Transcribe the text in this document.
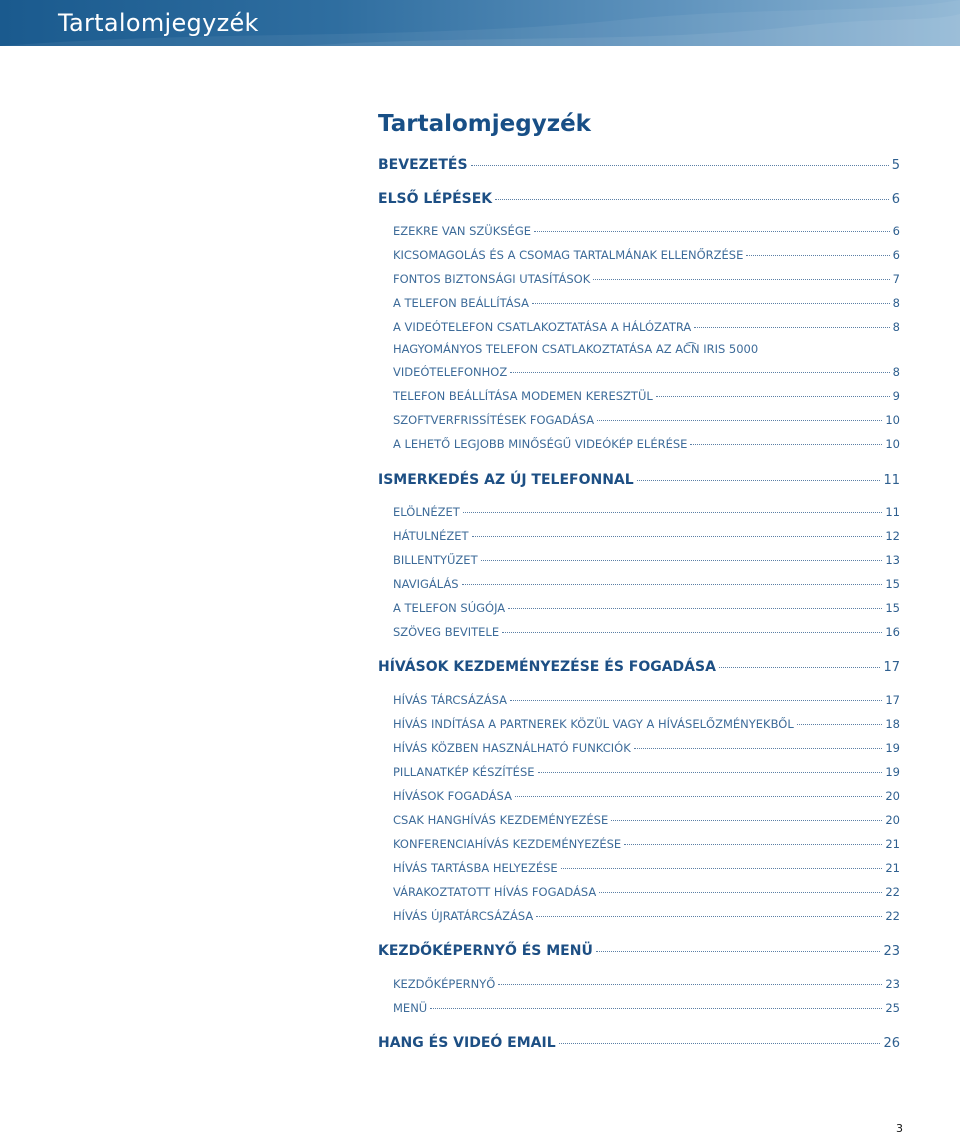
Tartalomjegyzék
Tartalomjegyzék
BEVEZETÉS	5
ELSŐ LÉPÉSEK	6
EZEKRE VAN SZÜKSÉGE	6
KICSOMAGOLÁS ÉS A CSOMAG TARTALMÁNAK ELLENŐRZÉSE	6
FONTOS BIZTONSÁGI UTASÍTÁSOK	7
A TELEFON BEÁLLÍTÁSA	8
A VIDEÓTELEFON CSATLAKOZTATÁSA A HÁLÓZATRA	8
HAGYOMÁNYOS TELEFON CSATLAKOZTATÁSA AZ AC͡N IRIS 5000
VIDEÓTELEFONHOZ	8
TELEFON BEÁLLÍTÁSA MODEMEN KERESZTÜL	9
SZOFTVERFRISSÍTÉSEK FOGADÁSA	10
A LEHETŐ LEGJOBB MINŐSÉGŰ VIDEÓKÉP ELÉRÉSE	10
ISMERKEDÉS AZ ÚJ TELEFONNAL	11
ELÖLNÉZET	11
HÁTULNÉZET	12
BILLENTYŰZET	13
NAVIGÁLÁS	15
A TELEFON SÚGÓJA	15
SZÖVEG BEVITELE	16
HÍVÁSOK KEZDEMÉNYEZÉSE ÉS FOGADÁSA	17
HÍVÁS TÁRCSÁZÁSA	17
HÍVÁS INDÍTÁSA A PARTNEREK KÖZÜL VAGY A HÍVÁSELŐZMÉNYEKBŐL	18
HÍVÁS KÖZBEN HASZNÁLHATÓ FUNKCIÓK	19
PILLANATKÉP KÉSZÍTÉSE	19
HÍVÁSOK FOGADÁSA	20
CSAK HANGHÍVÁS KEZDEMÉNYEZÉSE	20
KONFERENCIAHÍVÁS KEZDEMÉNYEZÉSE	21
HÍVÁS TARTÁSBA HELYEZÉSE	21
VÁRAKOZTATOTT HÍVÁS FOGADÁSA	22
HÍVÁS ÚJRATÁRCSÁZÁSA	22
KEZDŐKÉPERNYŐ ÉS MENÜ	23
KEZDŐKÉPERNYŐ	23
MENÜ	25
HANG ÉS VIDEÓ EMAIL	26
3
